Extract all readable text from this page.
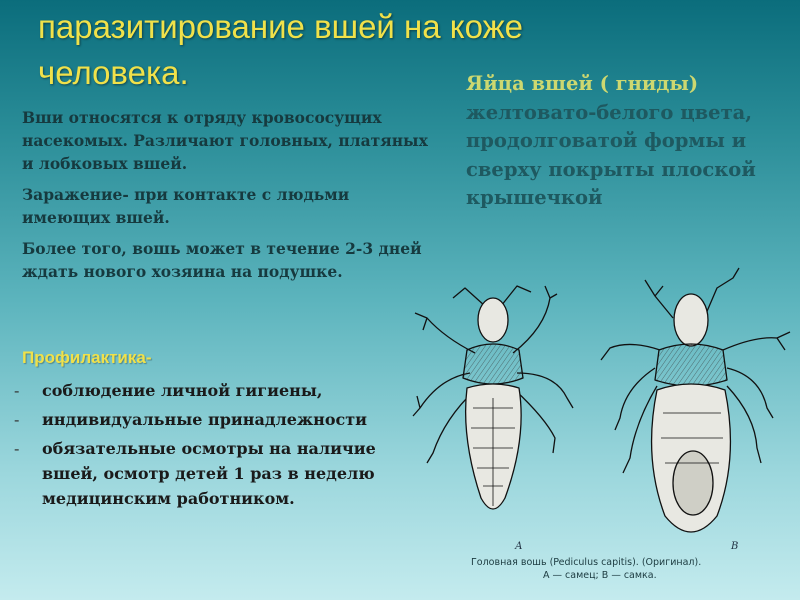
паразитирование вшей на коже
человека.

Вши относятся к отряду кровососущих насекомых. Различают головных, платяных и лобковых вшей.

Заражение- при контакте с людьми имеющих вшей.

Более того, вошь может в течение 2-3 дней ждать нового хозяина на подушке.

Профилактика-
- соблюдение личной гигиены,
- индивидуальные принадлежности
- обязательные осмотры на наличие вшей, осмотр детей 1 раз в неделю медицинским работником.
Яйца вшей ( гниды) желтовато-белого цвета, продолговатой формы и сверху покрыты плоской крышечкой
А	В
Головная вошь (Pediculus capitis). (Оригинал).
А — самец; В — самка.
